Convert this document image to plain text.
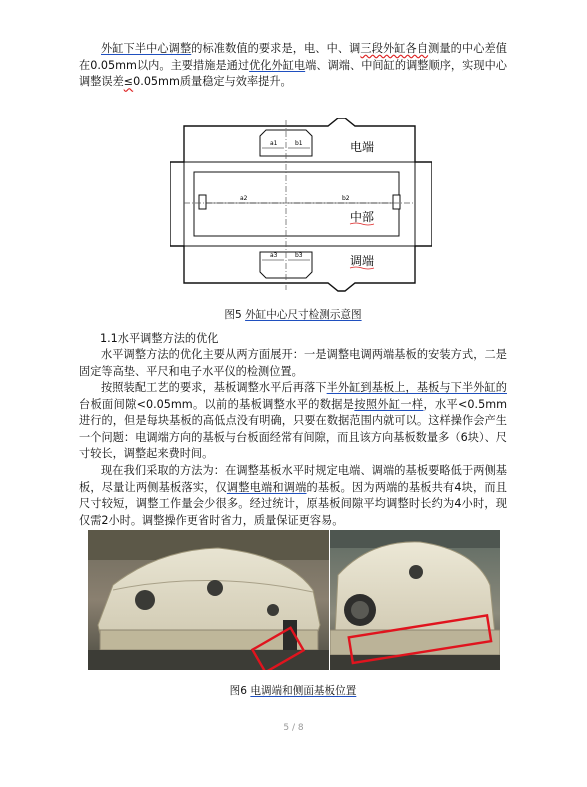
外缸下半中心调整的标准数值的要求是，电、中、调三段外缸各自测量的中心差值在0.05mm以内。主要措施是通过优化外缸电端、调端、中间缸的调整顺序，实现中心调整误差≤0.05mm质量稳定与效率提升。

a1	b1
a2	b2
a3	b3
电端
中部
调端

图5 外缸中心尺寸检测示意图

1.1水平调整方法的优化

水平调整方法的优化主要从两方面展开：一是调整电调两端基板的安装方式，二是固定等高垫、平尺和电子水平仪的检测位置。

按照装配工艺的要求，基板调整水平后再落下半外缸到基板上，基板与下半外缸的台板面间隙<0.05mm。以前的基板调整水平的数据是按照外缸一样，水平<0.5mm进行的，但是每块基板的高低点没有明确，只要在数据范围内就可以。这样操作会产生一个问题：电调端方向的基板与台板面经常有间隙，而且该方向基板数量多（6块）、尺寸较长，调整起来费时间。

现在我们采取的方法为：在调整基板水平时规定电端、调端的基板要略低于两侧基板，尽量让两侧基板落实，仅调整电端和调端的基板。因为两端的基板共有4块，而且尺寸较短，调整工作量会少很多。经过统计，原基板间隙平均调整时长约为4小时，现仅需2小时。调整操作更省时省力，质量保证更容易。

图6 电调端和侧面基板位置

5 / 8
